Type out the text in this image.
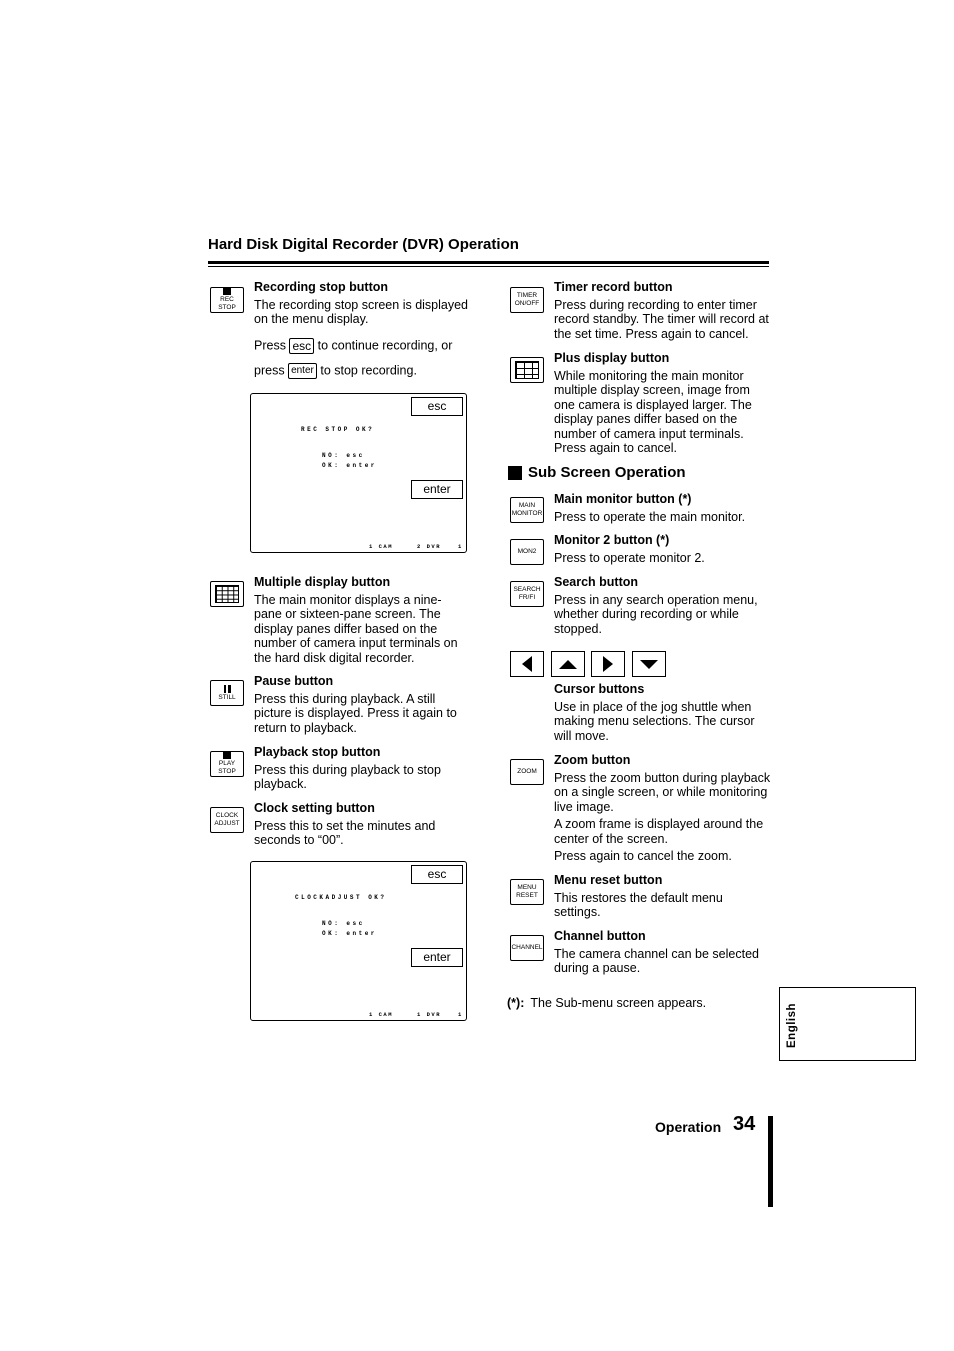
Hard Disk Digital Recorder (DVR) Operation
REC STOP
Recording stop button

The recording stop screen is displayed on the menu display.

Press esc to continue recording, or

press enter to stop recording.

esc
REC STOP OK?
NO: esc
OK: enter
enter
1 CAM	2 DVR	1
Multiple display button

The main monitor displays a nine-pane or sixteen-pane screen. The display panes differ based on the number of camera input terminals on the hard disk digital recorder.

STILL
Pause button

Press this during playback. A still picture is displayed. Press it again to return to playback.

PLAY STOP
Playback stop button

Press this during playback to stop playback.

CLOCK
ADJUST
Clock setting button

Press this to set the minutes and seconds to “00”.

esc
CLOCKADJUST OK?
NO: esc
OK: enter
enter
1 CAM	1 DVR	1
TIMER
ON/OFF
Timer record button

Press during recording to enter timer record standby. The timer will record at the set time. Press again to cancel.

Plus display button

While monitoring the main monitor multiple display screen, image from one camera is displayed larger. The display panes differ based on the number of camera input terminals. Press again to cancel.

Sub Screen Operation
MAIN
MONITOR
Main monitor button (*)

Press to operate the main monitor.

MON2
Monitor 2 button (*)

Press to operate monitor 2.

SEARCH
FR/FI
Search button

Press in any search operation menu, whether during recording or while stopped.

Cursor buttons

Use in place of the jog shuttle when making menu selections. The cursor will move.

ZOOM
Zoom button

Press the zoom button during playback on a single screen, or while monitoring live image.

A zoom frame is displayed around the center of the screen.

Press again to cancel the zoom.

MENU
RESET
Menu reset button

This restores the default menu settings.

CHANNEL
Channel button

The camera channel can be selected during a pause.

(*): The Sub-menu screen appears.	English
Operation 34
